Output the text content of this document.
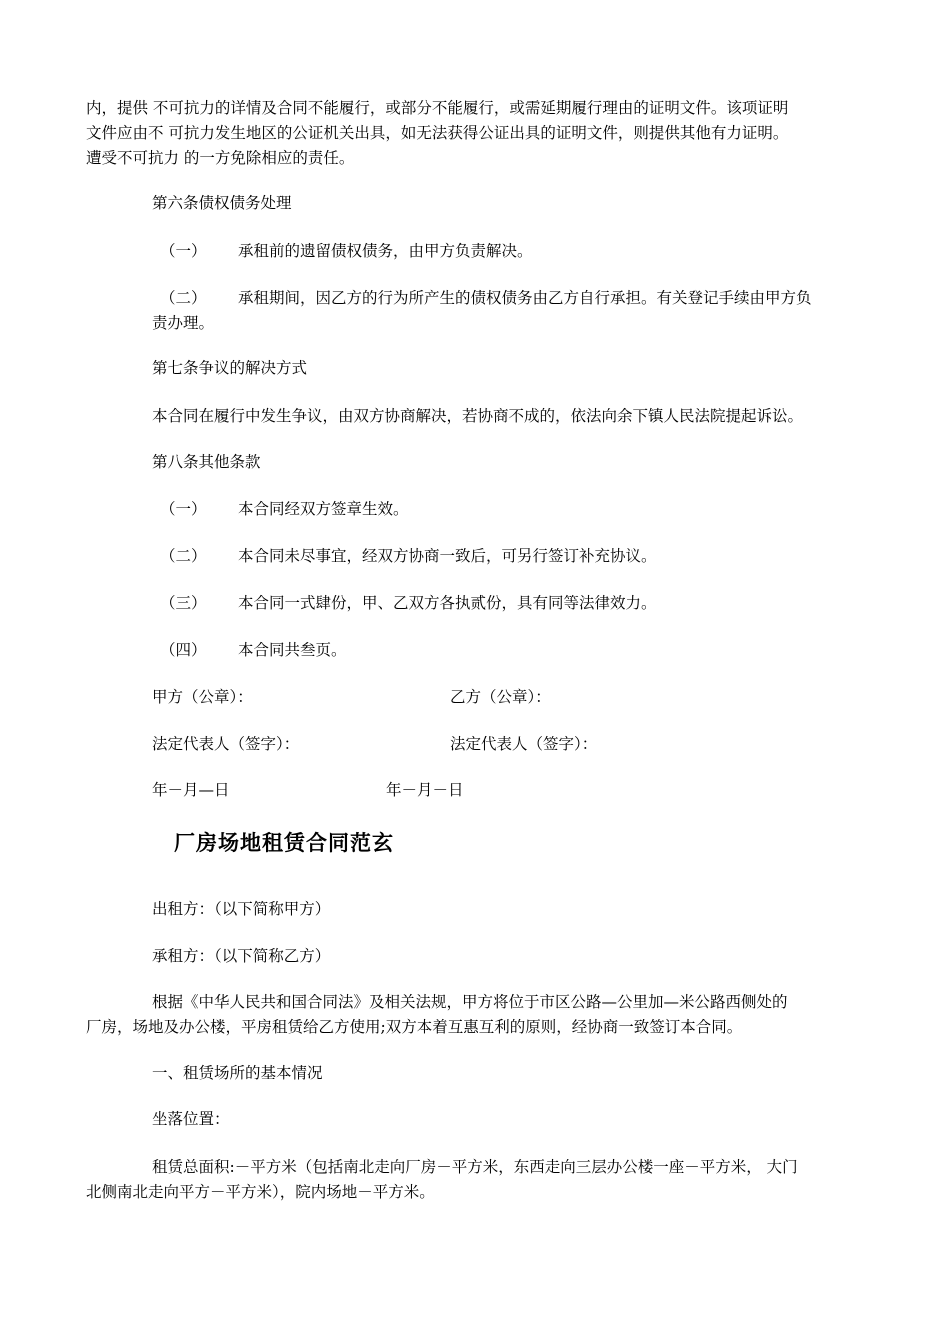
内，提供 不可抗力的详情及合同不能履行，或部分不能履行，或需延期履行理由的证明文件。该项证明

文件应由不 可抗力发生地区的公证机关出具，如无法获得公证出具的证明文件，则提供其他有力证明。

遭受不可抗力 的一方免除相应的责任。

第六条债权债务处理

（一） 承租前的遗留债权债务，由甲方负责解决。
（二） 承租期间，因乙方的行为所产生的债权债务由乙方自行承担。有关登记手续由甲方负
责办理。

第七条争议的解决方式

本合同在履行中发生争议，由双方协商解决，若协商不成的，依法向余下镇人民法院提起诉讼。

第八条其他条款

（一） 本合同经双方签章生效。
（二） 本合同未尽事宜，经双方协商一致后，可另行签订补充协议。
（三） 本合同一式肆份，甲、乙双方各执贰份，具有同等法律效力。
（四） 本合同共叁页。
甲方（公章）：	乙方（公章）：
法定代表人（签字）：	法定代表人（签字）：
年－月—日	年－月－日
厂房场地租赁合同范玄

出租方：（以下简称甲方）

承租方：（以下简称乙方）

根据《中华人民共和国合同法》及相关法规，甲方将位于市区公路—公里加—米公路西侧处的

厂房，场地及办公楼，平房租赁给乙方使用;双方本着互惠互利的原则，经协商一致签订本合同。

一、租赁场所的基本情况

坐落位置：

租赁总面积:－平方米（包括南北走向厂房－平方米，东西走向三层办公楼一座－平方米， 大门

北侧南北走向平方－平方米），院内场地－平方米。
